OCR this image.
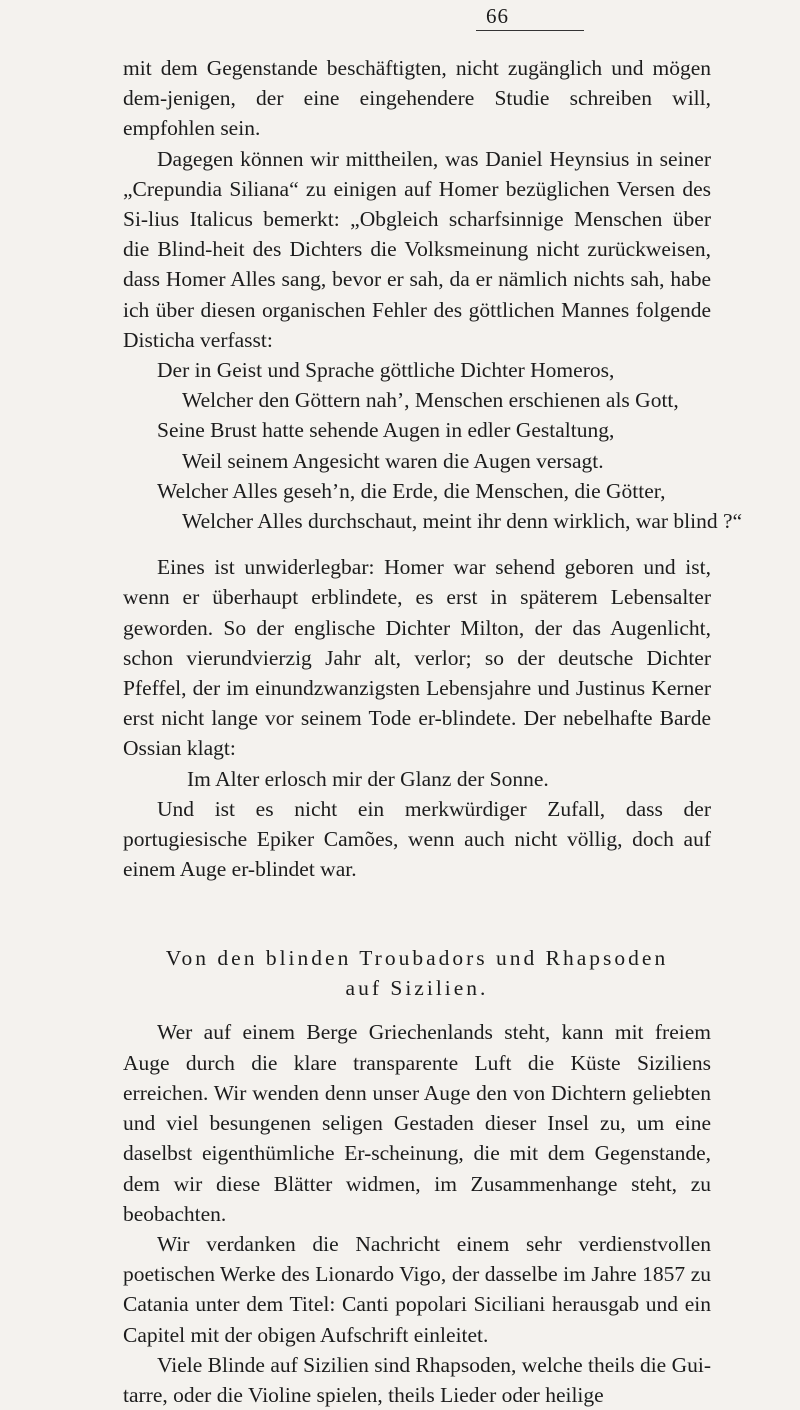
66

mit dem Gegenstande beschäftigten, nicht zugänglich und mögen dem-jenigen, der eine eingehendere Studie schreiben will, empfohlen sein.

Dagegen können wir mittheilen, was Daniel Heynsius in seiner „Crepundia Siliana“ zu einigen auf Homer bezüglichen Versen des Si-lius Italicus bemerkt: „Obgleich scharfsinnige Menschen über die Blind-heit des Dichters die Volksmeinung nicht zurückweisen, dass Homer Alles sang, bevor er sah, da er nämlich nichts sah, habe ich über diesen organischen Fehler des göttlichen Mannes folgende Disticha verfasst:

Der in Geist und Sprache göttliche Dichter Homeros,
Welcher den Göttern nah’, Menschen erschienen als Gott,
Seine Brust hatte sehende Augen in edler Gestaltung,
Weil seinem Angesicht waren die Augen versagt.
Welcher Alles geseh’n, die Erde, die Menschen, die Götter,
Welcher Alles durchschaut, meint ihr denn wirklich, war blind ?“

Eines ist unwiderlegbar: Homer war sehend geboren und ist, wenn er überhaupt erblindete, es erst in späterem Lebensalter geworden. So der englische Dichter Milton, der das Augenlicht, schon vierundvierzig Jahr alt, verlor; so der deutsche Dichter Pfeffel, der im einundzwanzigsten Lebensjahre und Justinus Kerner erst nicht lange vor seinem Tode er-blindete. Der nebelhafte Barde Ossian klagt:

Im Alter erlosch mir der Glanz der Sonne.

Und ist es nicht ein merkwürdiger Zufall, dass der portugiesische Epiker Camões, wenn auch nicht völlig, doch auf einem Auge er-blindet war.

Von den blinden Troubadors und Rhapsoden
auf Sizilien.

Wer auf einem Berge Griechenlands steht, kann mit freiem Auge durch die klare transparente Luft die Küste Siziliens erreichen. Wir wenden denn unser Auge den von Dichtern geliebten und viel besungenen seligen Gestaden dieser Insel zu, um eine daselbst eigenthümliche Er-scheinung, die mit dem Gegenstande, dem wir diese Blätter widmen, im Zusammenhange steht, zu beobachten.

Wir verdanken die Nachricht einem sehr verdienstvollen poetischen Werke des Lionardo Vigo, der dasselbe im Jahre 1857 zu Catania unter dem Titel: Canti popolari Siciliani herausgab und ein Capitel mit der obigen Aufschrift einleitet.

Viele Blinde auf Sizilien sind Rhapsoden, welche theils die Gui-tarre, oder die Violine spielen, theils Lieder oder heilige
